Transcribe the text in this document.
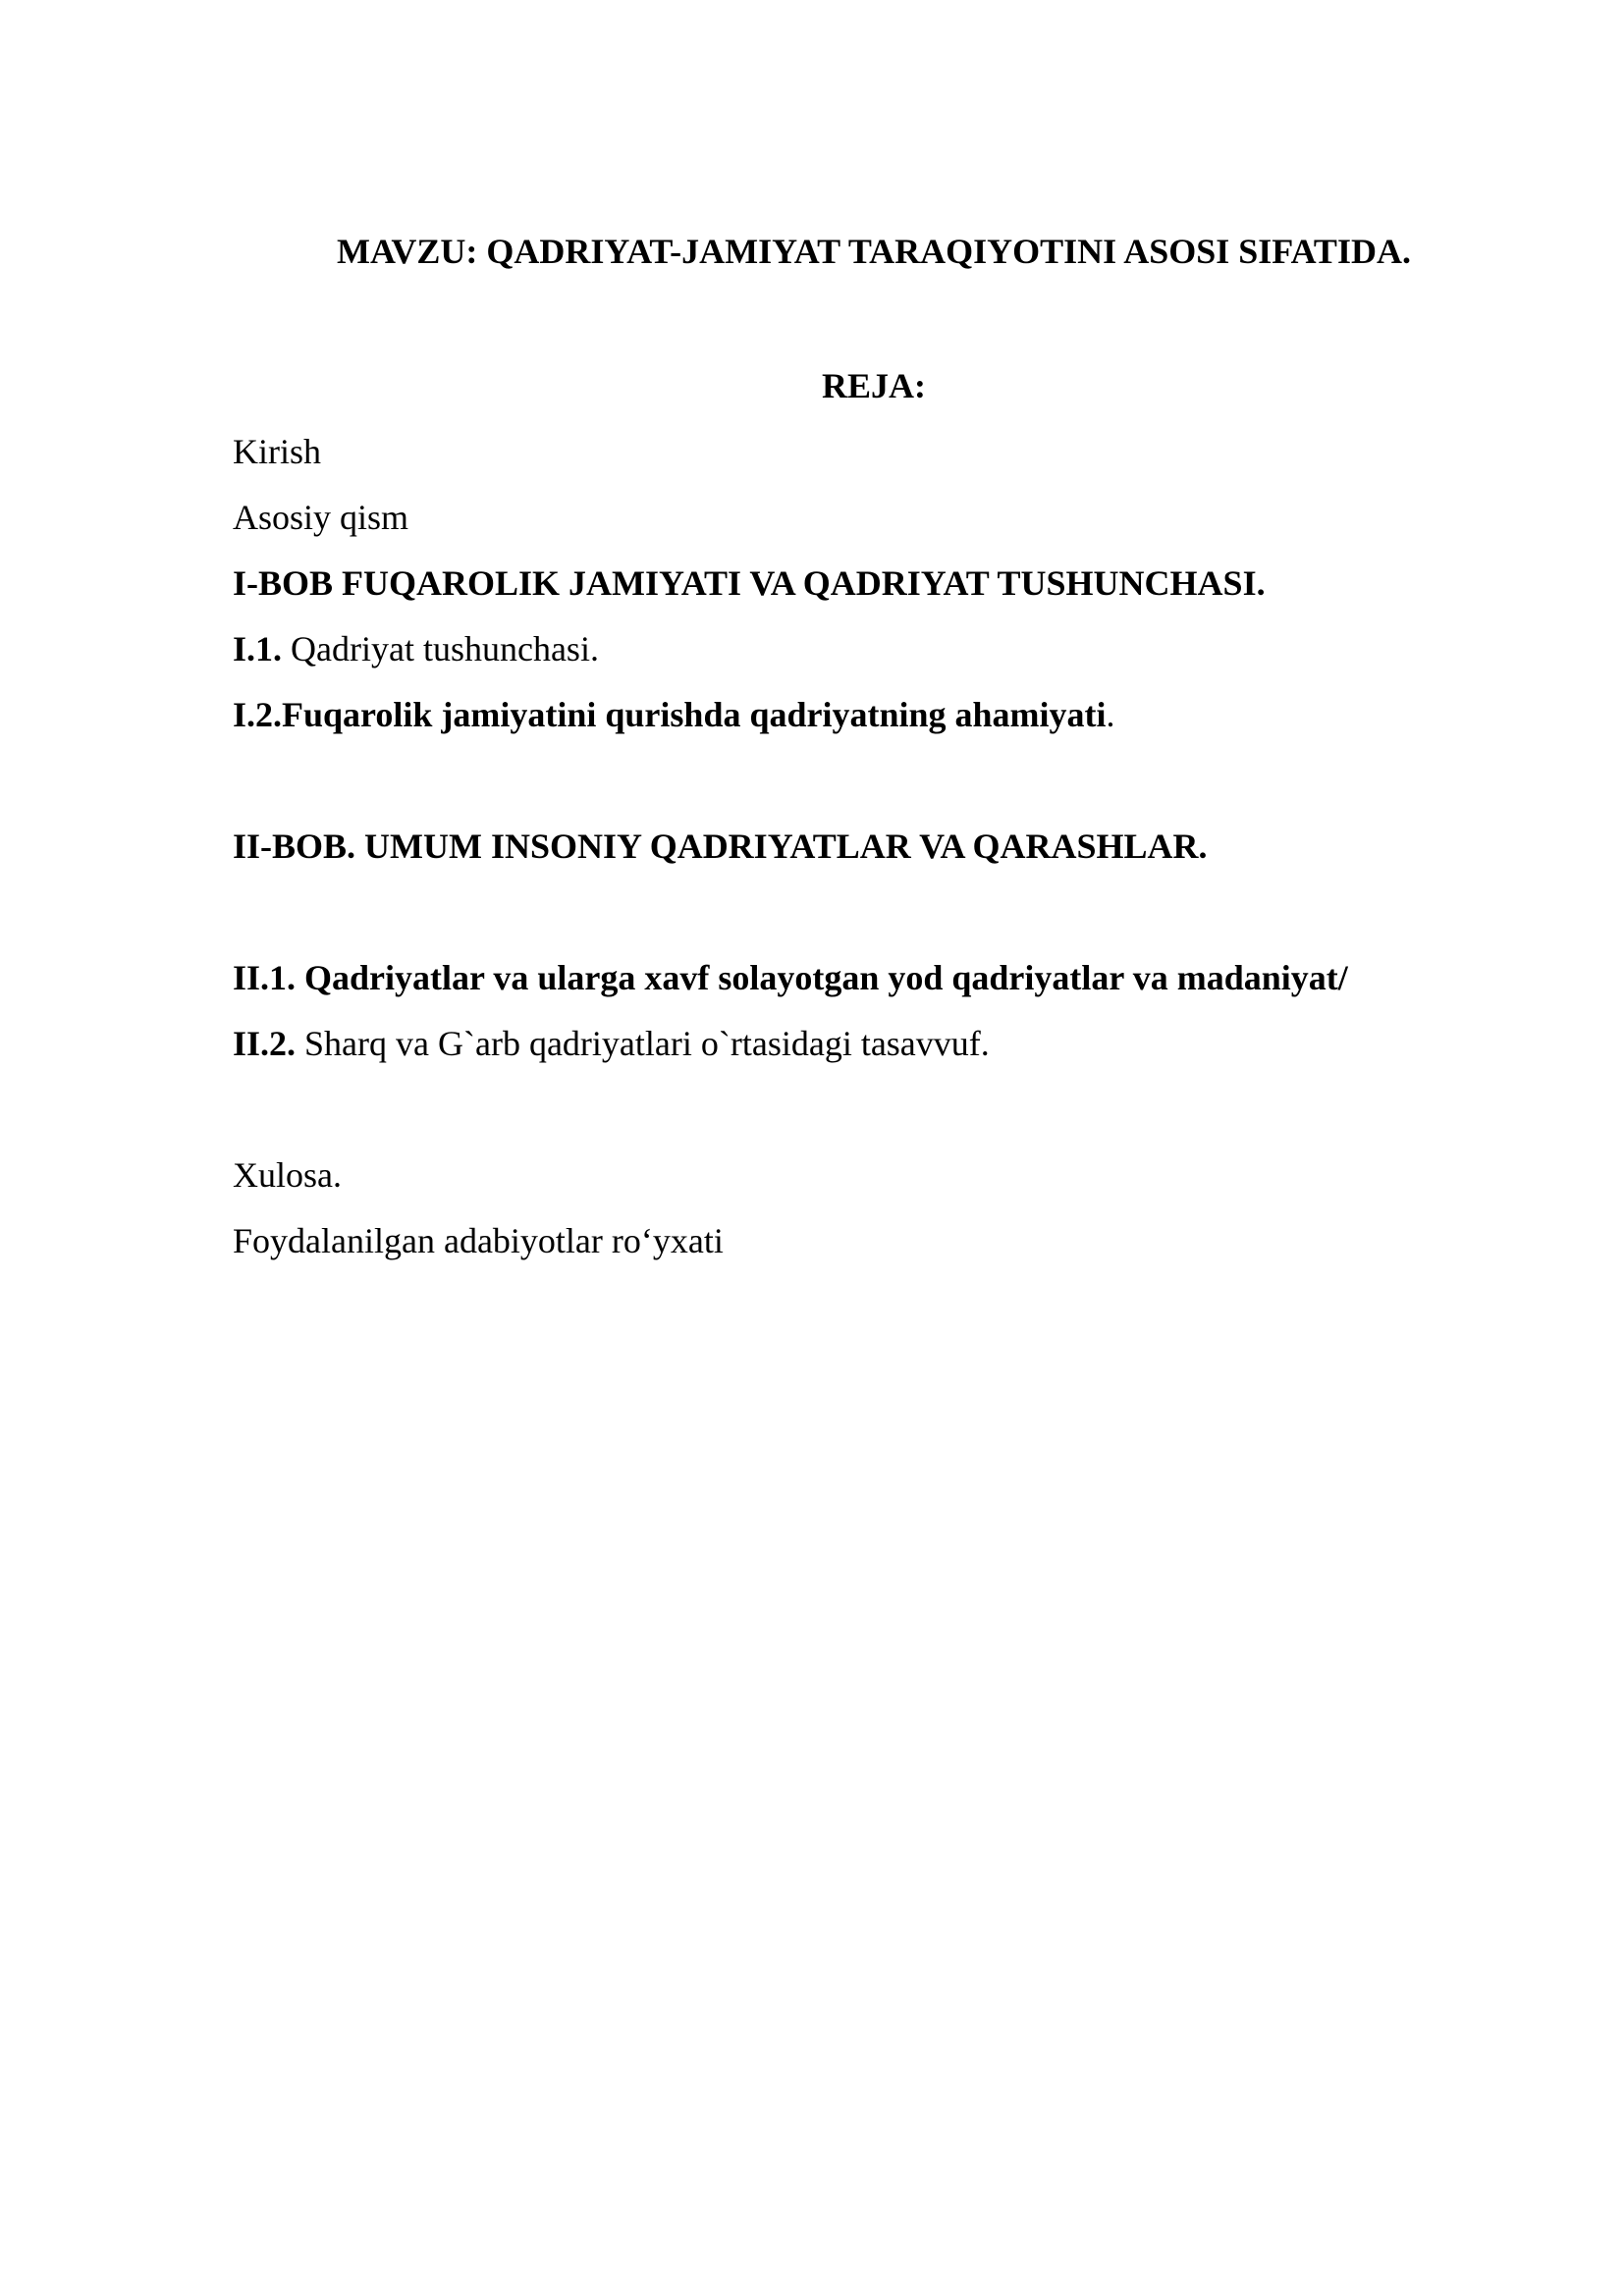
MAVZU: QADRIYAT-JAMIYAT TARAQIYOTINI ASOSI SIFATIDA.
REJA:
Kirish
Asosiy qism
I-BOB FUQAROLIK JAMIYATI VA QADRIYAT TUSHUNCHASI.
I.1. Qadriyat tushunchasi.
I.2.Fuqarolik jamiyatini qurishda qadriyatning ahamiyati.
II-BOB. UMUM INSONIY QADRIYATLAR VA QARASHLAR.
II.1. Qadriyatlar va ularga xavf solayotgan yod qadriyatlar va madaniyat/
II.2. Sharq va G`arb qadriyatlari o`rtasidagi tasavvuf.
Xulosa.
Foydalanilgan adabiyotlar ro‘yxati
